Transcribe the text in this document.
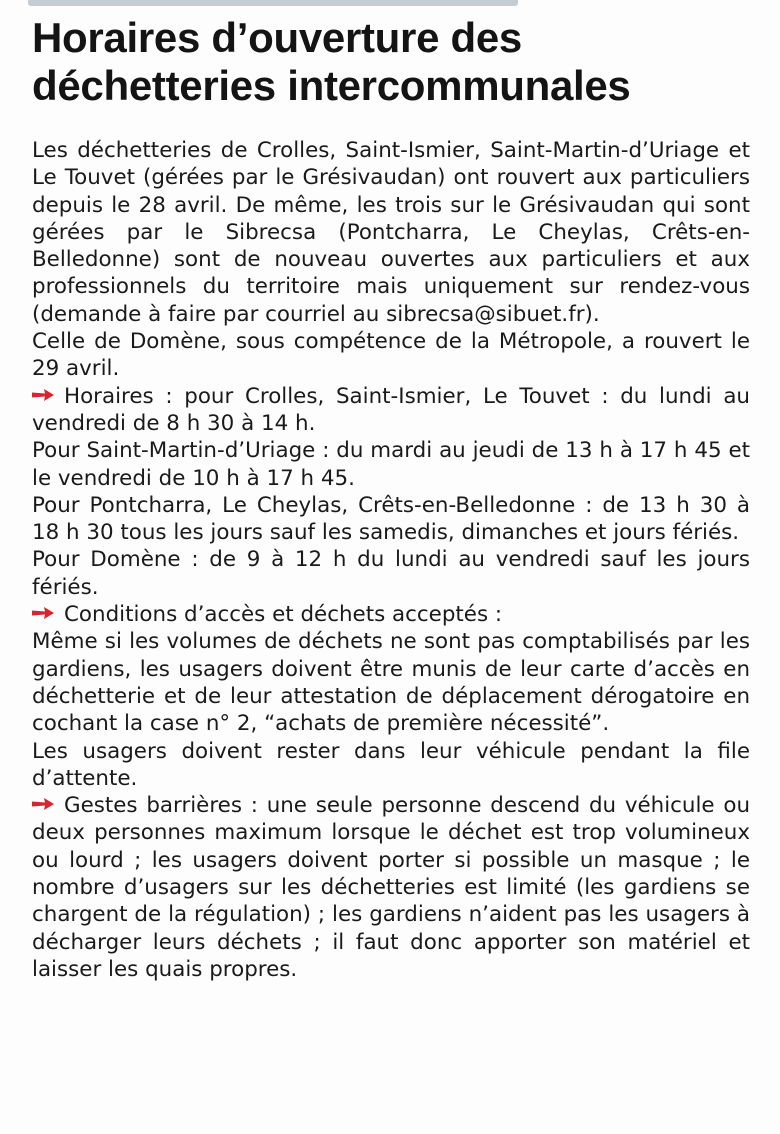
Horaires d’ouverture des déchetteries intercommunales

Les déchetteries de Crolles, Saint-Ismier, Saint-Martin-d’Uriage et Le Touvet (gérées par le Grésivaudan) ont rouvert aux particuliers depuis le 28 avril. De même, les trois sur le Grésivaudan qui sont gérées par le Sibrecsa (Pontcharra, Le Cheylas, Crêts-en-Belledonne) sont de nouveau ouvertes aux particuliers et aux professionnels du territoire mais uniquement sur rendez-vous (demande à faire par courriel au sibrecsa@sibuet.fr).

Celle de Domène, sous compétence de la Métropole, a rouvert le 29 avril.

Horaires : pour Crolles, Saint-Ismier, Le Touvet : du lundi au vendredi de 8 h 30 à 14 h.

Pour Saint-Martin-d’Uriage : du mardi au jeudi de 13 h à 17 h 45 et le vendredi de 10 h à 17 h 45.

Pour Pontcharra, Le Cheylas, Crêts-en-Belledonne : de 13 h 30 à 18 h 30 tous les jours sauf les samedis, dimanches et jours fériés.

Pour Domène : de 9 à 12 h du lundi au vendredi sauf les jours fériés.

Conditions d’accès et déchets acceptés :

Même si les volumes de déchets ne sont pas comptabilisés par les gardiens, les usagers doivent être munis de leur carte d’accès en déchetterie et de leur attestation de déplacement dérogatoire en cochant la case n° 2, “achats de première nécessité”.

Les usagers doivent rester dans leur véhicule pendant la file d’attente.

Gestes barrières : une seule personne descend du véhicule ou deux personnes maximum lorsque le déchet est trop volumineux ou lourd ; les usagers doivent porter si possible un masque ; le nombre d’usagers sur les déchetteries est limité (les gardiens se chargent de la régulation) ; les gardiens n’aident pas les usagers à décharger leurs déchets ; il faut donc apporter son matériel et laisser les quais propres.
